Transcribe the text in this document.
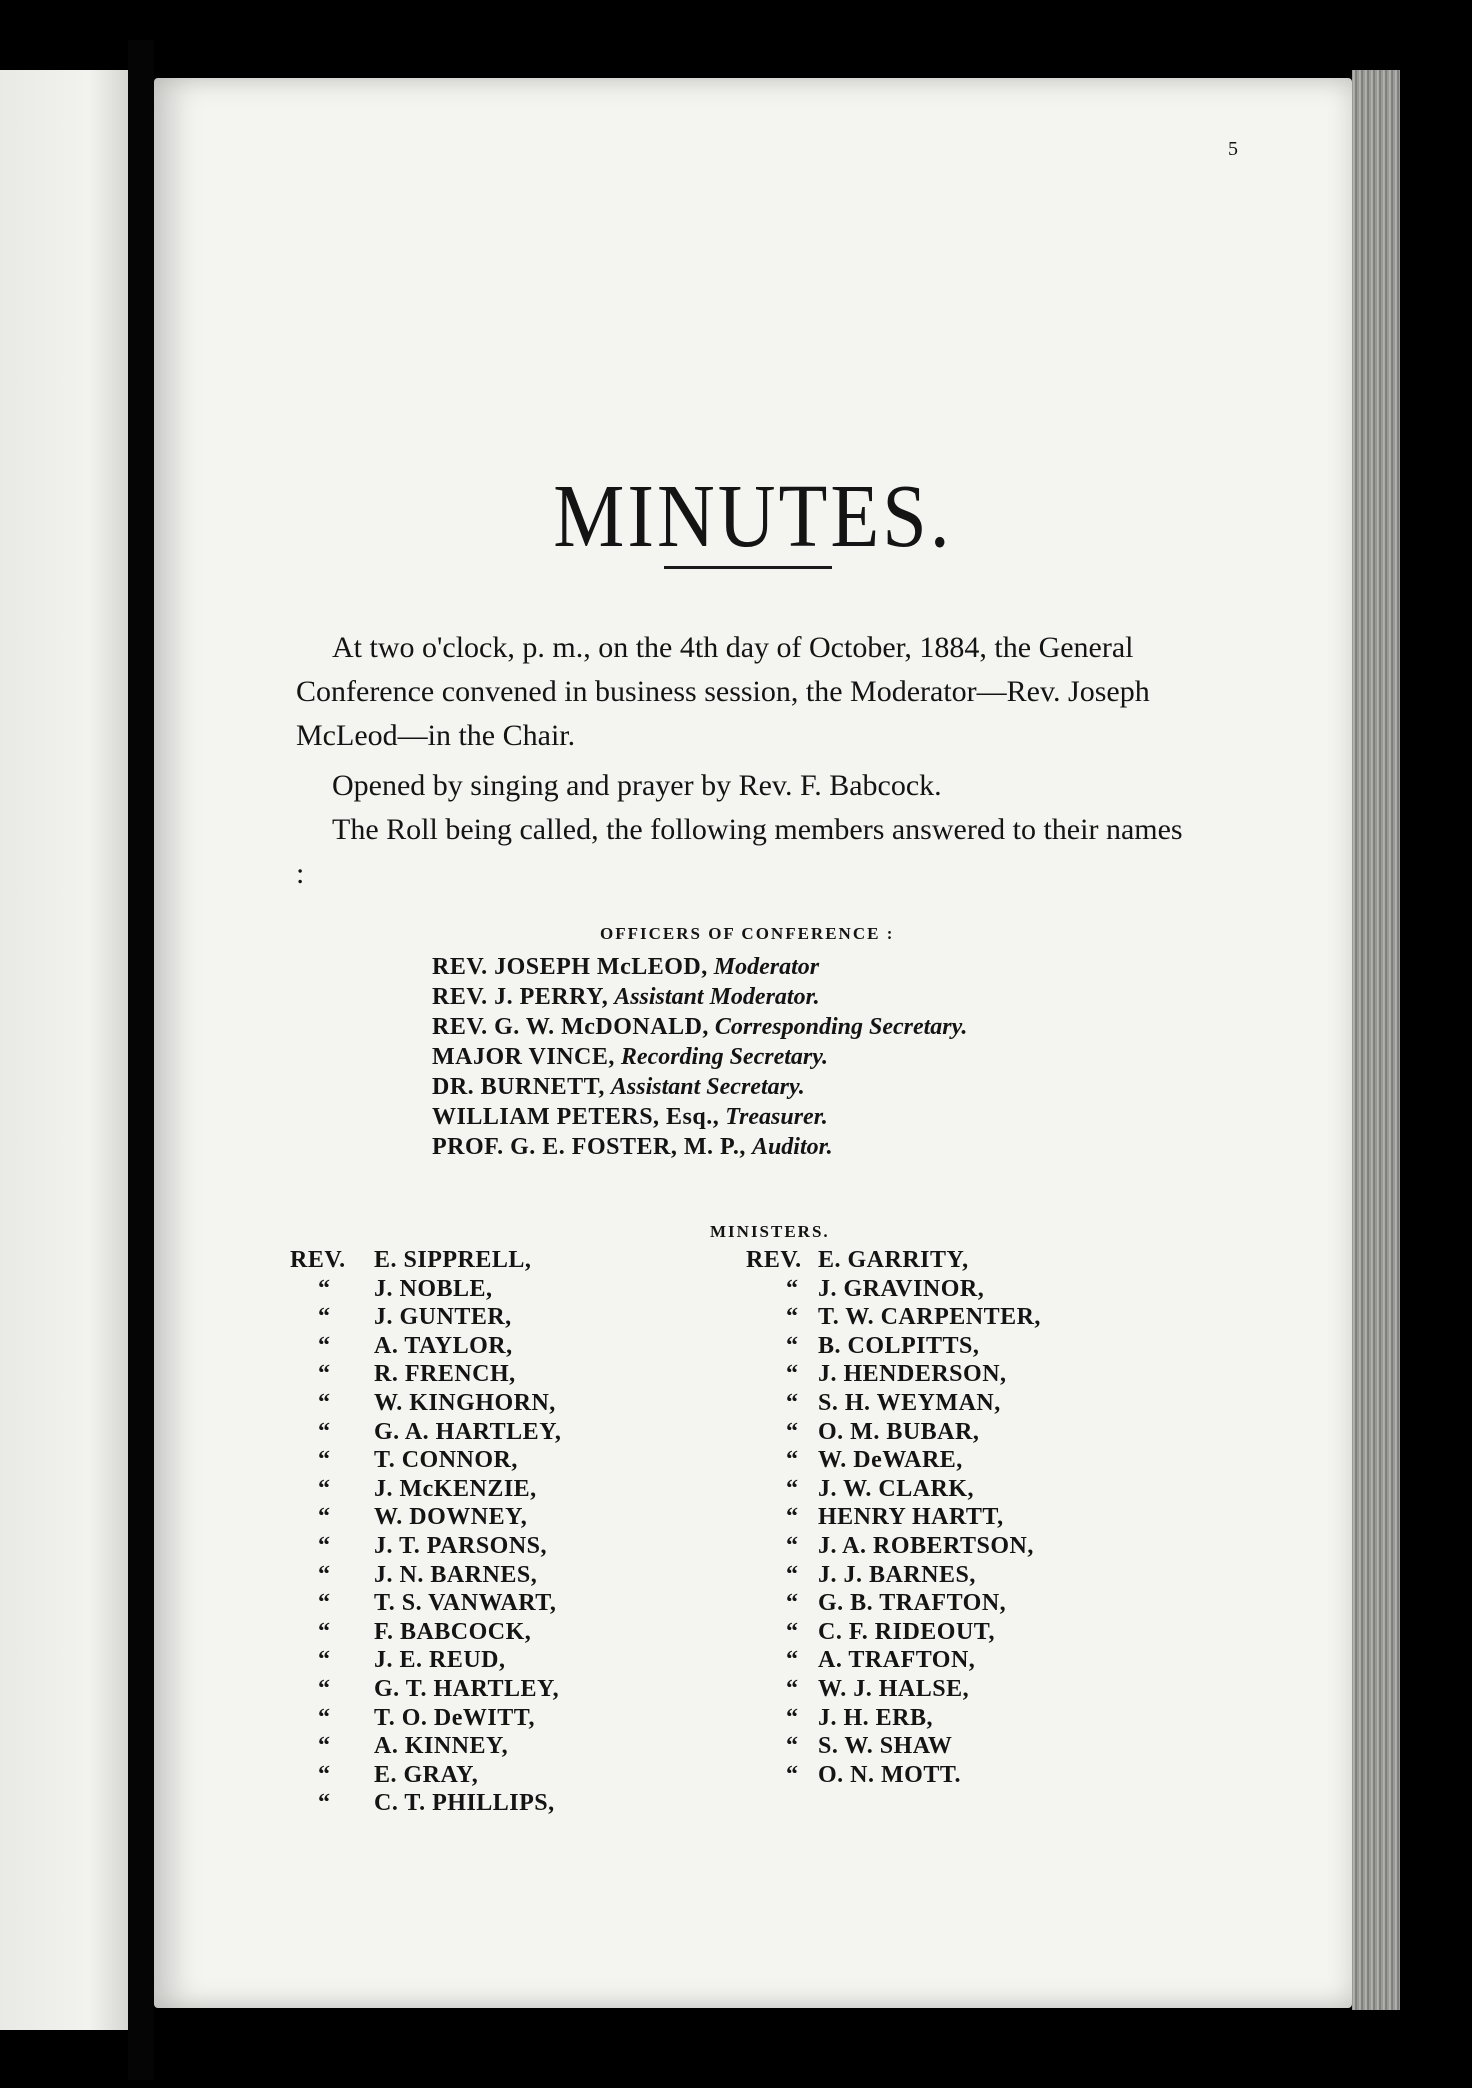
5
MINUTES.

At two o'clock, p. m., on the 4th day of October, 1884, the General Conference convened in business session, the Moderator—Rev. Joseph McLeod—in the Chair.

Opened by singing and prayer by Rev. F. Babcock.

The Roll being called, the following members answered to their names :

OFFICERS OF CONFERENCE :
REV. JOSEPH McLEOD, Moderator
REV. J. PERRY, Assistant Moderator.
REV. G. W. McDONALD, Corresponding Secretary.
MAJOR VINCE, Recording Secretary.
DR. BURNETT, Assistant Secretary.
WILLIAM PETERS, Esq., Treasurer.
PROF. G. E. FOSTER, M. P., Auditor.
MINISTERS.
REV. E. SIPPRELL,
“ J. NOBLE,
“ J. GUNTER,
“ A. TAYLOR,
“ R. FRENCH,
“ W. KINGHORN,
“ G. A. HARTLEY,
“ T. CONNOR,
“ J. McKENZIE,
“ W. DOWNEY,
“ J. T. PARSONS,
“ J. N. BARNES,
“ T. S. VANWART,
“ F. BABCOCK,
“ J. E. REUD,
“ G. T. HARTLEY,
“ T. O. DeWITT,
“ A. KINNEY,
“ E. GRAY,
“ C. T. PHILLIPS,
REV. E. GARRITY,
“ J. GRAVINOR,
“ T. W. CARPENTER,
“ B. COLPITTS,
“ J. HENDERSON,
“ S. H. WEYMAN,
“ O. M. BUBAR,
“ W. DeWARE,
“ J. W. CLARK,
“ HENRY HARTT,
“ J. A. ROBERTSON,
“ J. J. BARNES,
“ G. B. TRAFTON,
“ C. F. RIDEOUT,
“ A. TRAFTON,
“ W. J. HALSE,
“ J. H. ERB,
“ S. W. SHAW
“ O. N. MOTT.
